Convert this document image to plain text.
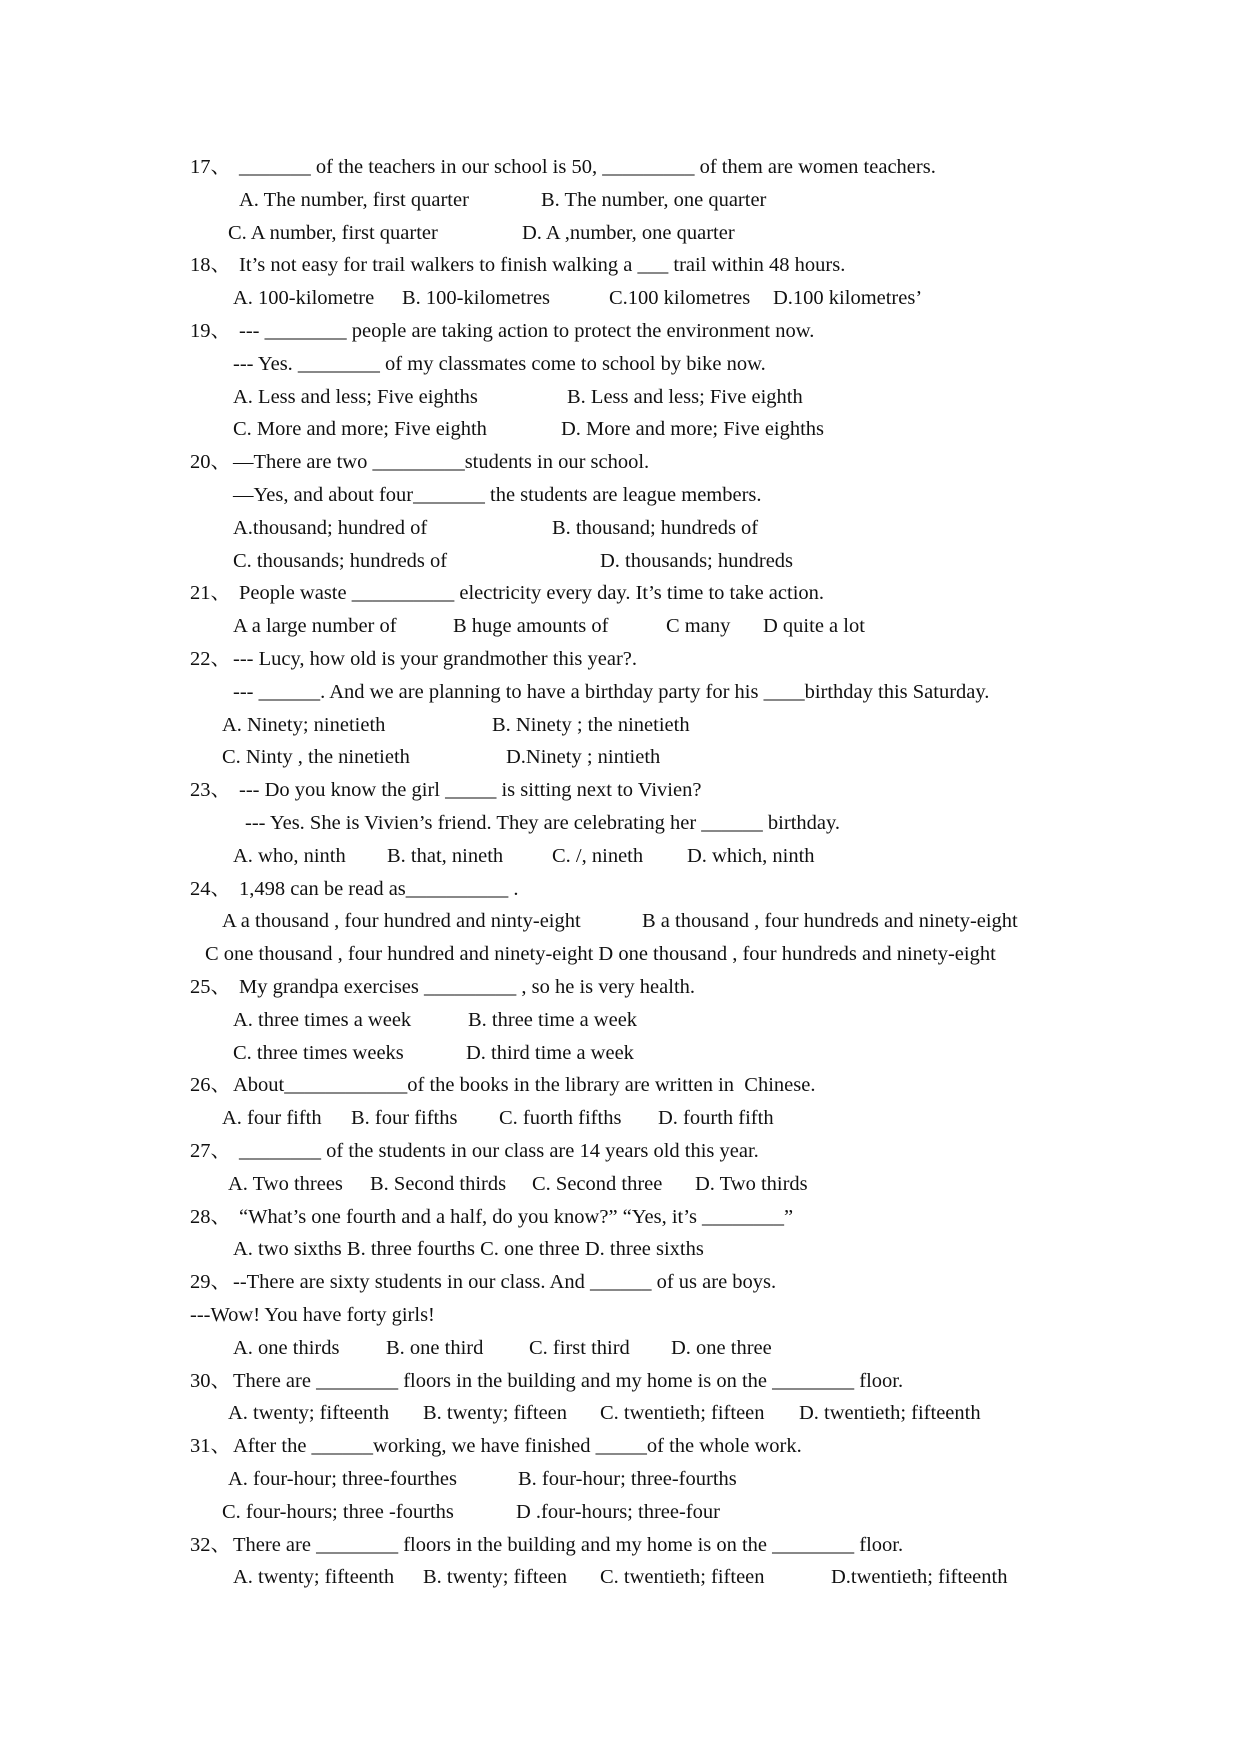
17、 _______ of the teachers in our school is 50, _________ of them are women teachers.
A. The number, first quarter	B. The number, one quarter
C. A number, first quarter	D. A ,number, one quarter
18、 It’s not easy for trail walkers to finish walking a ___ trail within 48 hours.
A. 100-kilometre B. 100-kilometres	C.100 kilometres D.100 kilometres’
19、 --- ________ people are taking action to protect the environment now.
--- Yes. ________ of my classmates come to school by bike now.
A. Less and less; Five eighths	B. Less and less; Five eighth
C. More and more; Five eighth	D. More and more; Five eighths
20、 —There are two _________students in our school.
—Yes, and about four_______ the students are league members.
A.thousand; hundred of	B. thousand; hundreds of
C. thousands; hundreds of	D. thousands; hundreds
21、 People waste __________ electricity every day. It’s time to take action.
A a large number of	B huge amounts of	C many D quite a lot
22、 --- Lucy, how old is your grandmother this year?.
--- ______. And we are planning to have a birthday party for his ____birthday this Saturday.
A. Ninety; ninetieth	B. Ninety ; the ninetieth
C. Ninty , the ninetieth	D.Ninety ; nintieth
23、 --- Do you know the girl _____ is sitting next to Vivien?
--- Yes. She is Vivien’s friend. They are celebrating her ______ birthday.
A. who, ninth B. that, nineth C. /, nineth D. which, ninth
24、 1,498 can be read as__________ .
A a thousand , four hundred and ninty-eight	B a thousand , four hundreds and ninety-eight
C one thousand , four hundred and ninety-eight D one thousand , four hundreds and ninety-eight
25、 My grandpa exercises _________ , so he is very health.
A. three times a week	B. three time a week
C. three times weeks	D. third time a week
26、 About____________of the books in the library are written in  Chinese.
A. four fifth B. four fifths C. fuorth fifths D. fourth fifth
27、 ________ of the students in our class are 14 years old this year.
A. Two threes B. Second thirds C. Second three D. Two thirds
28、 “What’s one fourth and a half, do you know?” “Yes, it’s ________”
A. two sixths B. three fourths C. one three D. three sixths
29、 --There are sixty students in our class. And ______ of us are boys.
---Wow! You have forty girls!
A. one thirds B. one third C. first third D. one three
30、 There are ________ floors in the building and my home is on the ________ floor.
A. twenty; fifteenth B. twenty; fifteen C. twentieth; fifteen D. twentieth; fifteenth
31、 After the ______working, we have finished _____of the whole work.
A. four-hour; three-fourthes	B. four-hour; three-fourths
C. four-hours; three -fourths	D .four-hours; three-four
32、 There are ________ floors in the building and my home is on the ________ floor.
A. twenty; fifteenth B. twenty; fifteen C. twentieth; fifteen	D.twentieth; fifteenth
